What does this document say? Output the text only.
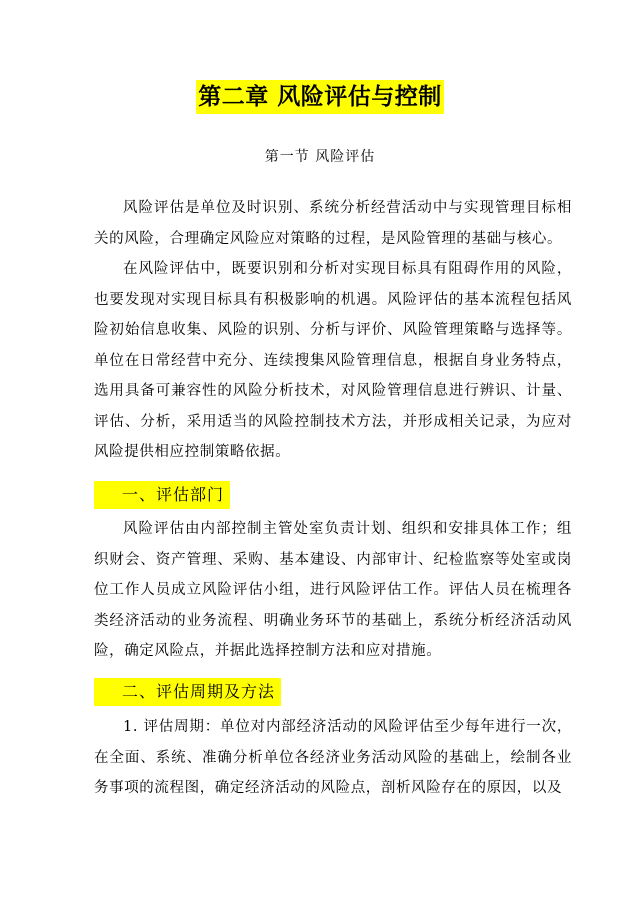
第二章 风险评估与控制
第一节 风险评估

风险评估是单位及时识别、系统分析经营活动中与实现管理目标相关的风险，合理确定风险应对策略的过程，是风险管理的基础与核心。

在风险评估中，既要识别和分析对实现目标具有阻碍作用的风险，也要发现对实现目标具有积极影响的机遇。风险评估的基本流程包括风险初始信息收集、风险的识别、分析与评价、风险管理策略与选择等。单位在日常经营中充分、连续搜集风险管理信息，根据自身业务特点，选用具备可兼容性的风险分析技术，对风险管理信息进行辨识、计量、评估、分析，采用适当的风险控制技术方法，并形成相关记录，为应对风险提供相应控制策略依据。

一、评估部门

风险评估由内部控制主管处室负责计划、组织和安排具体工作；组织财会、资产管理、采购、基本建设、内部审计、纪检监察等处室或岗位工作人员成立风险评估小组，进行风险评估工作。评估人员在梳理各类经济活动的业务流程、明确业务环节的基础上，系统分析经济活动风险，确定风险点，并据此选择控制方法和应对措施。

二、评估周期及方法

1. 评估周期：单位对内部经济活动的风险评估至少每年进行一次，在全面、系统、准确分析单位各经济业务活动风险的基础上，绘制各业务事项的流程图，确定经济活动的风险点，剖析风险存在的原因，以及
